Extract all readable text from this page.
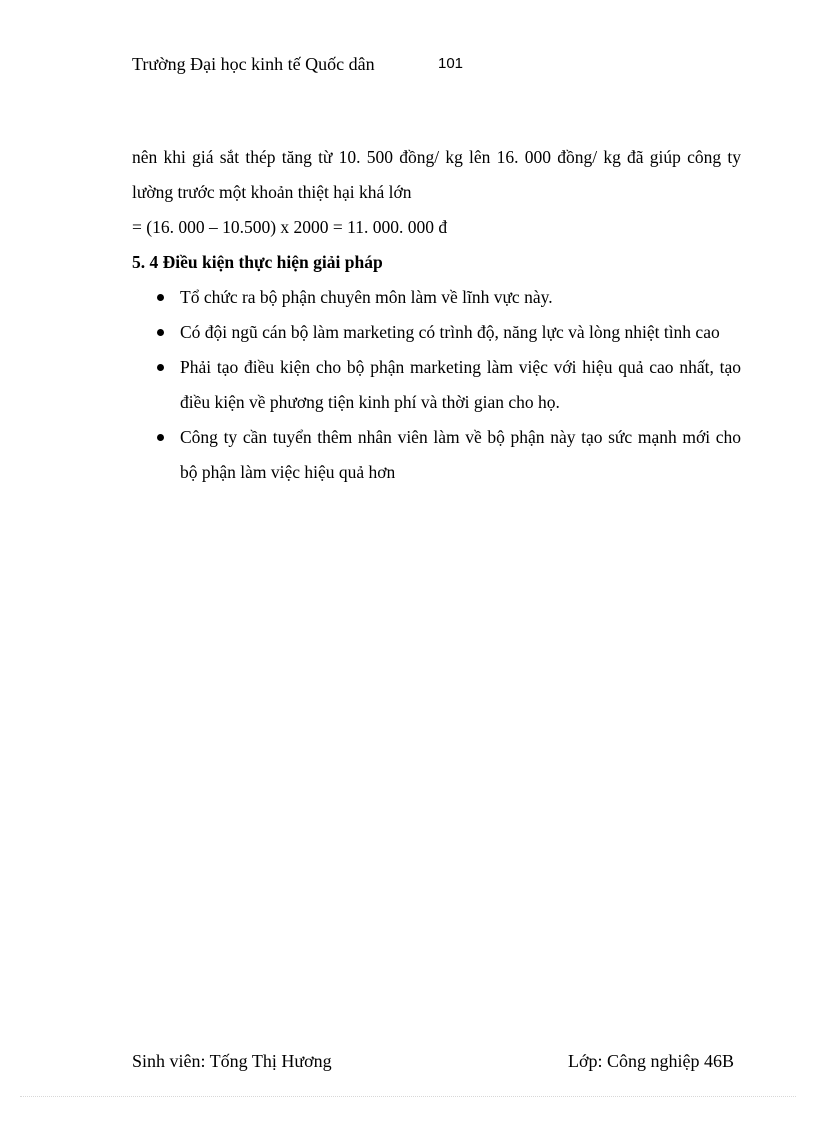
Trường Đại học kinh tế Quốc dân	101

nên khi giá sắt thép tăng từ 10. 500 đồng/ kg lên 16. 000 đồng/ kg đã giúp công ty lường trước một khoản thiệt hại khá lớn

= (16. 000 – 10.500) x 2000 = 11. 000. 000 đ

5. 4 Điều kiện thực hiện giải pháp

Tổ chức ra bộ phận chuyên môn làm về lĩnh vực này.
Có đội ngũ cán bộ làm marketing có trình độ, năng lực và lòng nhiệt tình cao
Phải tạo điều kiện cho bộ phận marketing làm việc với hiệu quả cao nhất, tạo điều kiện về phương tiện kinh phí và thời gian cho họ.
Công ty cần tuyển thêm nhân viên làm về bộ phận này tạo sức mạnh mới cho bộ phận làm việc hiệu quả hơn
Sinh viên: Tống Thị Hương	Lớp: Công nghiệp 46B
